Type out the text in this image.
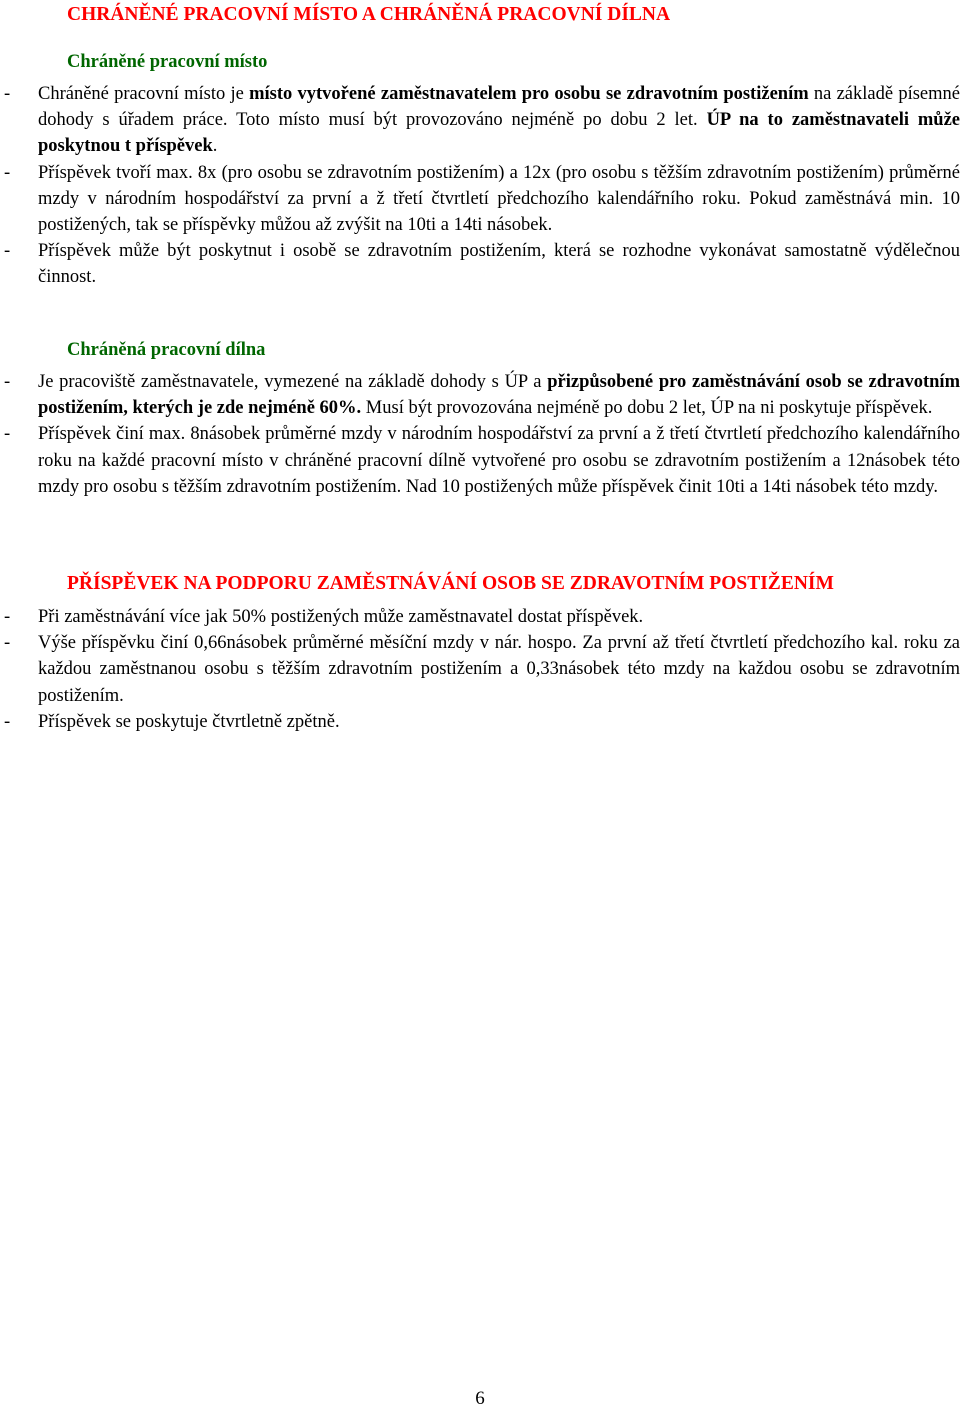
CHRÁNĚNÉ PRACOVNÍ MÍSTO A CHRÁNĚNÁ PRACOVNÍ DÍLNA
Chráněné pracovní místo
- Chráněné pracovní místo je místo vytvořené zaměstnavatelem pro osobu se zdravotním postižením na základě písemné dohody s úřadem práce. Toto místo musí být provozováno nejméně po dobu 2 let. ÚP na to zaměstnavateli může poskytnou t příspěvek.
- Příspěvek tvoří max. 8x (pro osobu se zdravotním postižením) a 12x (pro osobu s těžším zdravotním postižením) průměrné mzdy v národním hospodářství za první a ž třetí čtvrtletí předchozího kalendářního roku. Pokud zaměstnává min. 10 postižených, tak se příspěvky můžou až zvýšit na 10ti a 14ti násobek.
- Příspěvek může být poskytnut i osobě se zdravotním postižením, která se rozhodne vykonávat samostatně výdělečnou činnost.
Chráněná pracovní dílna
- Je pracoviště zaměstnavatele, vymezené na základě dohody s ÚP a přizpůsobené pro zaměstnávání osob se zdravotním postižením, kterých je zde nejméně 60%. Musí být provozována nejméně po dobu 2 let, ÚP na ni poskytuje příspěvek.
- Příspěvek činí max. 8násobek průměrné mzdy v národním hospodářství za první a ž třetí čtvrtletí předchozího kalendářního roku na každé pracovní místo v chráněné pracovní dílně vytvořené pro osobu se zdravotním postižením a 12násobek této mzdy pro osobu s těžším zdravotním postižením. Nad 10 postižených může příspěvek činit 10ti a 14ti násobek této mzdy.
PŘÍSPĚVEK NA PODPORU ZAMĚSTNÁVÁNÍ OSOB SE ZDRAVOTNÍM POSTIŽENÍM
- Při zaměstnávání více jak 50% postižených může zaměstnavatel dostat příspěvek.
- Výše příspěvku činí 0,66násobek průměrné měsíční mzdy v nár. hospo. Za první až třetí čtvrtletí předchozího kal. roku za každou zaměstnanou osobu s těžším zdravotním postižením a 0,33násobek této mzdy na každou osobu se zdravotním postižením.
- Příspěvek se poskytuje čtvrtletně zpětně.
6
